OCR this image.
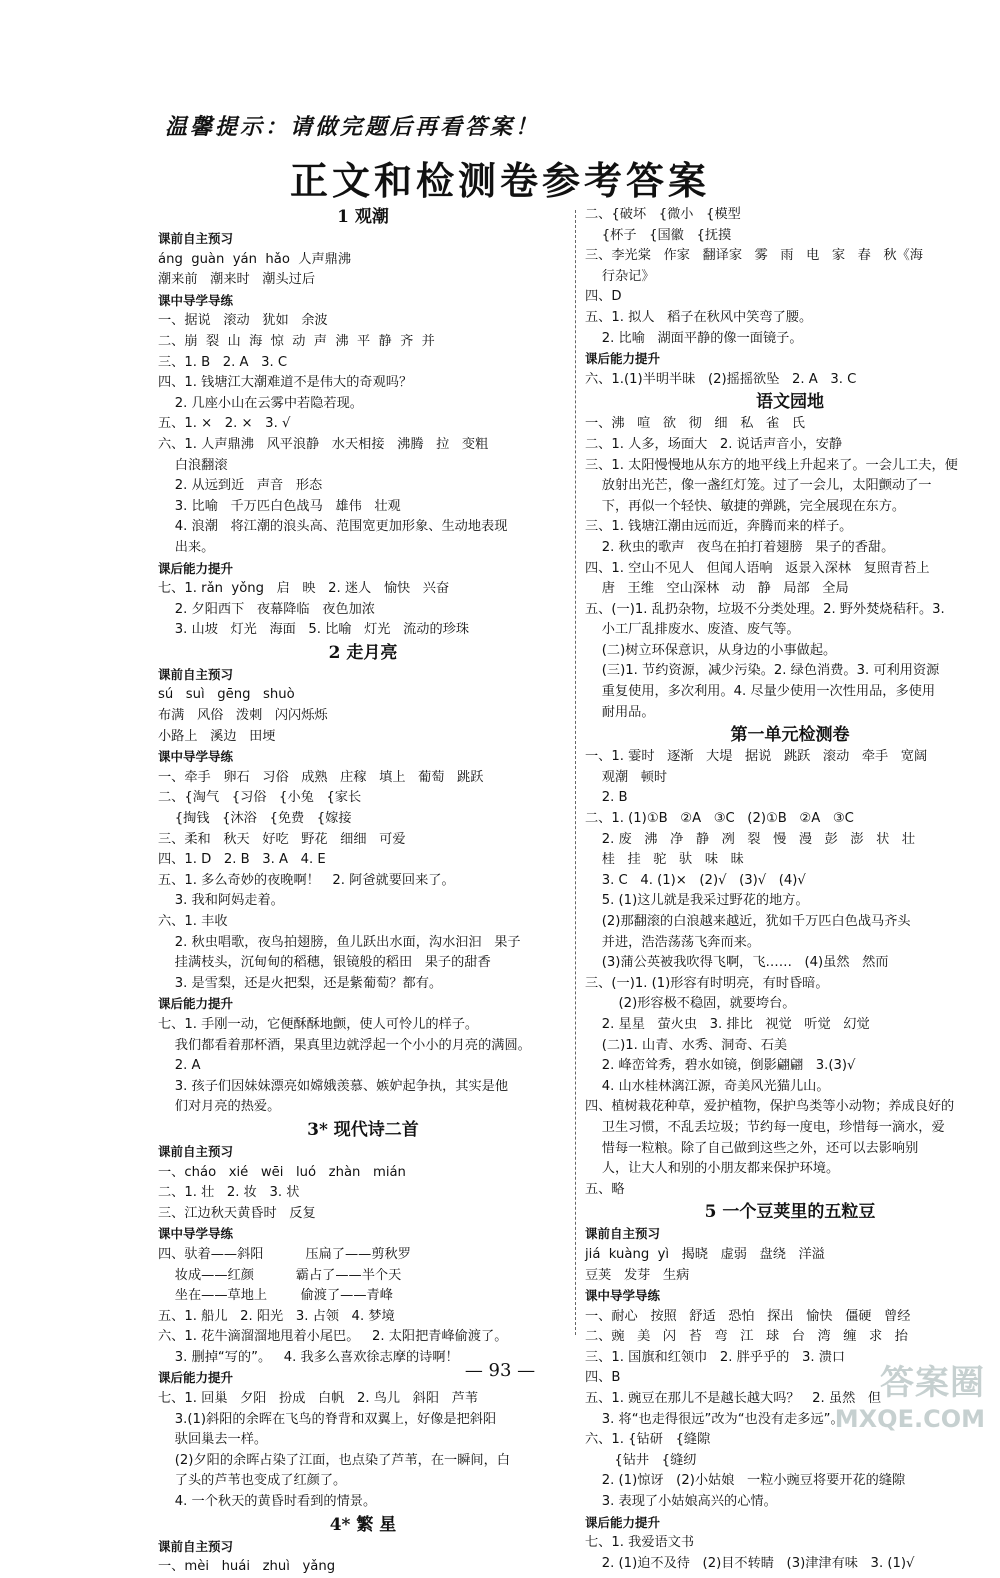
温馨提示：请做完题后再看答案！
正文和检测卷参考答案
1 观潮
课前自主预习
áng  guàn  yán  hǎo  人声鼎沸
潮来前   潮来时   潮头过后
课中导学导练
一、据说   滚动   犹如   余波
二、崩  裂  山  海  惊  动  声  沸  平  静  齐  并
三、1. B   2. A   3. C
四、1. 钱塘江大潮难道不是伟大的奇观吗？
2. 几座小山在云雾中若隐若现。
五、1. ×   2. ×   3. √
六、1. 人声鼎沸   风平浪静   水天相接   沸腾   拉   变粗
白浪翻滚
2. 从远到近   声音   形态
3. 比喻   千万匹白色战马   雄伟   壮观
4. 浪潮   将江潮的浪头高、范围宽更加形象、生动地表现
出来。
课后能力提升
七、1. rǎn  yǒng   启   映   2. 迷人   愉快   兴奋
2. 夕阳西下   夜幕降临   夜色加浓
3. 山坡   灯光   海面   5. 比喻   灯光   流动的珍珠
2 走月亮
课前自主预习
sú   suì   gēng   shuò
布满   风俗   泼刺   闪闪烁烁
小路上   溪边   田埂
课中导学导练
一、牵手   卵石   习俗   成熟   庄稼   填上   葡萄   跳跃
二、{淘气   {习俗   {小兔   {家长
{掏钱   {沐浴   {免费   {嫁接
三、柔和   秋天   好吃   野花   细细   可爱
四、1. D   2. B   3. A   4. E
五、1. 多么奇妙的夜晚啊！   2. 阿爸就要回来了。
3. 我和阿妈走着。
六、1. 丰收
2. 秋虫唱歌，夜鸟拍翅膀，鱼儿跃出水面，沟水汩汩   果子
挂满枝头，沉甸甸的稻穗，银镜般的稻田   果子的甜香
3. 是雪梨，还是火把梨，还是紫葡萄？都有。
课后能力提升
七、1. 手刚一动，它便酥酥地颤，使人可怜儿的样子。
我们都看着那杯酒，果真里边就浮起一个小小的月亮的满圆。
2. A
3. 孩子们因妹妹漂亮如嫦娥羡慕、嫉妒起争执，其实是他
们对月亮的热爱。
3* 现代诗二首
课前自主预习
一、cháo   xié   wēi   luó   zhàn   mián
二、1. 壮   2. 妆   3. 状
三、江边秋天黄昏时   反复
课中导学导练
四、驮着——斜阳          压扁了——剪秋罗
妆成——红颜          霸占了——半个天
坐在——草地上        偷渡了——青峰
五、1. 船儿   2. 阳光   3. 占领   4. 梦境
六、1. 花牛滴溜溜地甩着小尾巴。   2. 太阳把青峰偷渡了。
3. 删掉“写的”。   4. 我多么喜欢徐志摩的诗啊！
课后能力提升
七、1. 回巢   夕阳   扮成   白帆   2. 鸟儿   斜阳   芦苇
3.(1)斜阳的余晖在飞鸟的脊背和双翼上，好像是把斜阳
驮回巢去一样。
(2)夕阳的余晖占染了江面，也点染了芦苇，在一瞬间，白
了头的芦苇也变成了红颜了。
4. 一个秋天的黄昏时看到的情景。
4* 繁 星
课前自主预习
一、mèi   huái   zhuì   yǎng
二、{破坏   {微小   {模型
{杯子   {国徽   {抚摸
三、李光棠   作家   翻译家   雾   雨   电   家   春   秋《海
行杂记》
四、D
五、1. 拟人   稻子在秋风中笑弯了腰。
2. 比喻   湖面平静的像一面镜子。
课后能力提升
六、1.(1)半明半昧   (2)摇摇欲坠   2. A   3. C
语文园地
一、沸   喧   欲   彻   细   私   雀   氏
二、1. 人多，场面大   2. 说话声音小，安静
三、1. 太阳慢慢地从东方的地平线上升起来了。一会儿工夫，便
放射出光芒，像一盏红灯笼。过了一会儿，太阳颤动了一
下，再似一个轻快、敏捷的弹跳，完全展现在东方。
三、1. 钱塘江潮由远而近，奔腾而来的样子。
2. 秋虫的歌声   夜鸟在拍打着翅膀   果子的香甜。
四、1. 空山不见人   但闻人语响   返景入深林   复照青苔上
唐   王维   空山深林   动   静   局部   全局
五、(一)1. 乱扔杂物，垃圾不分类处理。2. 野外焚烧秸秆。3.
小工厂乱排废水、废渣、废气等。
(二)树立环保意识，从身边的小事做起。
(三)1. 节约资源，减少污染。2. 绿色消费。3. 可利用资源
重复使用，多次利用。4. 尽量少使用一次性用品，多使用
耐用品。
第一单元检测卷
一、1. 霎时   逐渐   大堤   据说   跳跃   滚动   牵手   宽阔
观潮   顿时
2. B
二、1. (1)①B   ②A   ③C   (2)①B   ②A   ③C
2. 废   沸   净   静   冽   裂   慢   漫   彭   澎   状   壮
桂   挂   驼   驮   味   昧
3. C   4. (1)×   (2)√   (3)√   (4)√
5. (1)这儿就是我采过野花的地方。
(2)那翻滚的白浪越来越近，犹如千万匹白色战马齐头
并进，浩浩荡荡飞奔而来。
(3)蒲公英被我吹得飞啊，飞……   (4)虽然   然而
三、(一)1. (1)形容有时明亮，有时昏暗。
(2)形容极不稳固，就要垮台。
2. 星星   萤火虫   3. 排比   视觉   听觉   幻觉
(二)1. 山青、水秀、洞奇、石美
2. 峰峦耸秀，碧水如镜，倒影翩翩   3.(3)√
4. 山水桂林漓江源，奇美风光猫儿山。
四、植树栽花种草，爱护植物，保护鸟类等小动物；养成良好的
卫生习惯，不乱丢垃圾；节约每一度电，珍惜每一滴水，爱
惜每一粒粮。除了自己做到这些之外，还可以去影响别
人，让大人和别的小朋友都来保护环境。
五、略
5 一个豆荚里的五粒豆
课前自主预习
jiá  kuàng  yì   揭晓   虚弱   盘绕   洋溢
豆荚   发芽   生病
课中导学导练
一、耐心   按照   舒适   恐怕   探出   愉快   僵硬   曾经
二、豌   美   闪   苔   弯   江   球   台   湾   缠   求   抬
三、1. 国旗和红领巾   2. 胖乎乎的   3. 溃口
四、B
五、1. 豌豆在那儿不是越长越大吗？   2. 虽然   但
3. 将“也走得很远”改为“也没有走多远”。
六、1. {钻研   {缝隙
{钻井   {缝纫
2. (1)惊讶   (2)小姑娘   一粒小豌豆将要开花的缝隙
3. 表现了小姑娘高兴的心情。
课后能力提升
七、1. 我爱语文书
2. (1)迫不及待   (2)目不转睛   (3)津津有味   3. (1)√
— 93 —	答案圈
MXQE.COM
